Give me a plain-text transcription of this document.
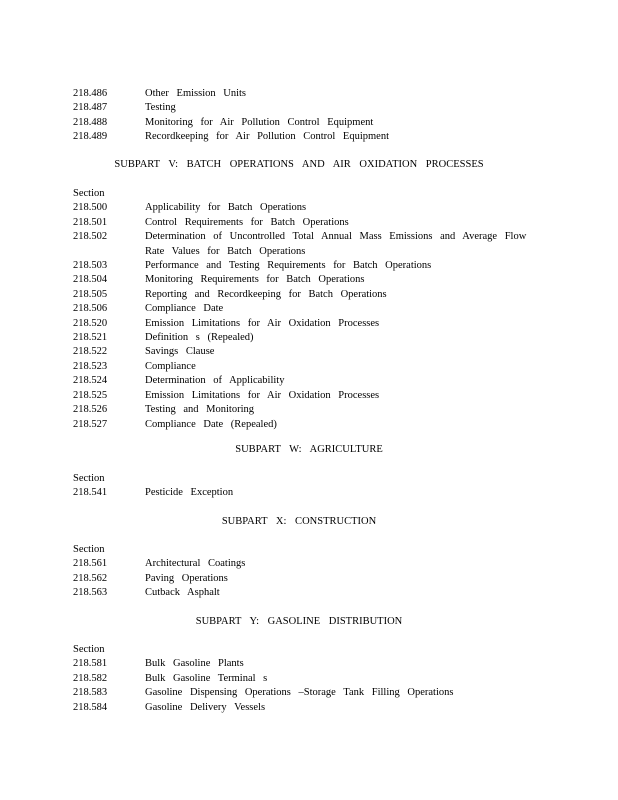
218.486	Other Emission Units
218.487	Testing
218.488	Monitoring for Air Pollution Control Equipment
218.489	Recordkeeping for Air Pollution Control Equipment
SUBPART V: BATCH OPERATIONS AND AIR OXIDATION PROCESSES
Section
218.500	Applicability for Batch Operations
218.501	Control Requirements for Batch Operations
218.502	Determination of Uncontrolled Total Annual Mass Emissions and Average Flow
Rate Values for Batch Operations
218.503	Performance and Testing Requirements for Batch Operations
218.504	Monitoring Requirements for Batch Operations
218.505	Reporting and Recordkeeping for Batch Operations
218.506	Compliance Date
218.520	Emission Limitations for Air Oxidation Processes
218.521	Definition s (Repealed)
218.522	Savings Clause
218.523	Compliance
218.524	Determination of Applicability
218.525	Emission Limitations for Air Oxidation Processes
218.526	Testing and Monitoring
218.527	Compliance Date (Repealed)
SUBPART W: AGRICULTURE
Section
218.541	Pesticide Exception
SUBPART X: CONSTRUCTION
Section
218.561	Architectural Coatings
218.562	Paving Operations
218.563	Cutback Asphalt
SUBPART Y: GASOLINE DISTRIBUTION
Section
218.581	Bulk Gasoline Plants
218.582	Bulk Gasoline Terminal s
218.583	Gasoline Dispensing Operations –Storage Tank Filling Operations
218.584	Gasoline Delivery Vessels
